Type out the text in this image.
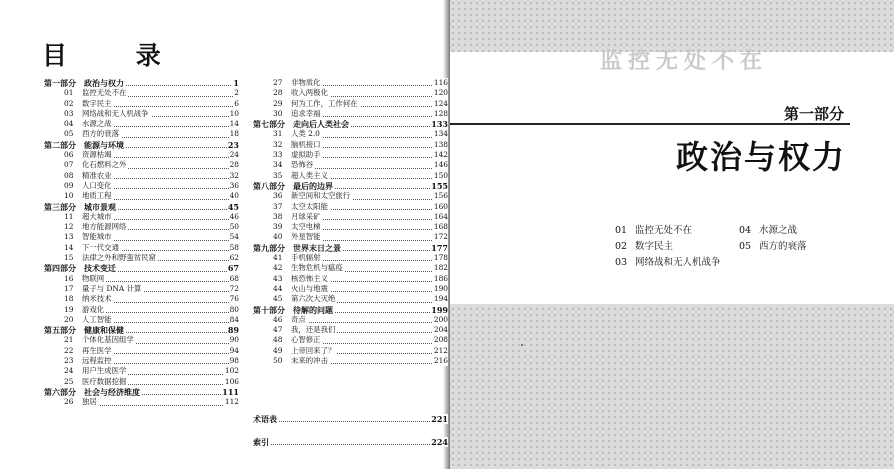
目 录
第一部分 政治与权力	1
01 监控无处不在	2
02 数字民主	6
03 网络战和无人机战争	10
04 水源之战	14
05 西方的衰落	18
第二部分 能源与环境	23
06 资源枯竭	24
07 化石燃料之外	28
08 精准农业	32
09 人口变化	36
10 地质工程	40
第三部分 城市景观	45
11 超大城市	46
12 地方能源网络	50
13 智能城市	54
14 下一代交通	58
15 法律之外和野蛮贫民窟	62
第四部分 技术变迁	67
16 物联网	68
17 量子与 DNA 计算	72
18 纳米技术	76
19 游戏化	80
20 人工智能	84
第五部分 健康和保健	89
21 个体化基因组学	90
22 再生医学	94
23 远程监控	98
24 用户生成医学	102
25 医疗数据挖掘	106
第六部分 社会与经济维度	111
26 独居	112
27 非物质化	116
28 收入两极化	120
29 何为工作，工作何在	124
30 追求幸福	128
第七部分 走向后人类社会	133
31 人类 2.0	134
32 脑机接口	138
33 虚拟助手	142
34 恐怖谷	146
35 超人类主义	150
第八部分 最后的边界	155
36 新空间和太空旅行	156
37 太空太阳能	160
38 月球采矿	164
39 太空电梯	168
40 外星智能	172
第九部分 世界末日之景	177
41 手机辐射	178
42 生物危机与瘟疫	182
43 核恐怖主义	186
44 火山与地震	190
45 第六次大灭绝	194
第十部分 待解的问题	199
46 奇点	200
47 我，还是我们	204
48 心智修正	208
49 上帝回来了？	212
50 未来的冲击	216
术语表	221
索引	224
监控无处不在
第一部分
政治与权力
01 监控无处不在
02 数字民主
03 网络战和无人机战争
04 水源之战
05 西方的衰落
